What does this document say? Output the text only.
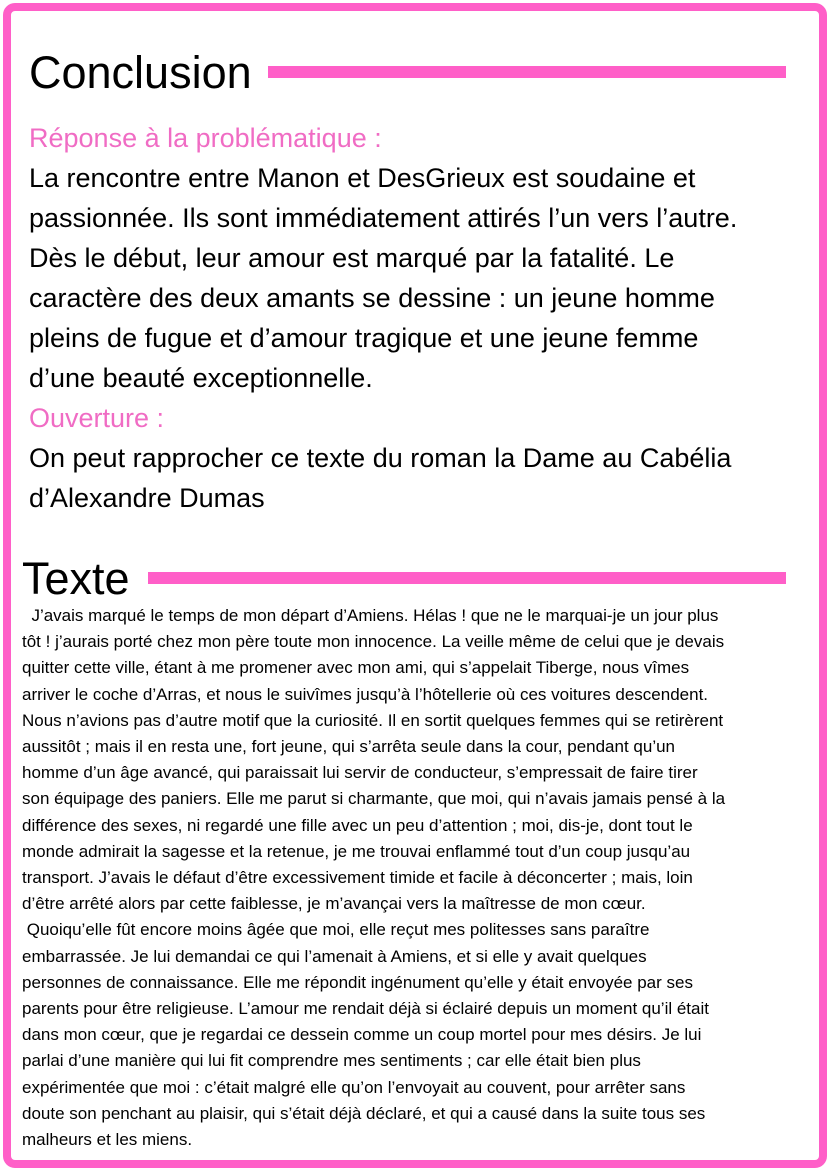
Conclusion
Réponse à la problématique :

La rencontre entre Manon et DesGrieux est soudaine et
passionnée. Ils sont immédiatement attirés l’un vers l’autre.
Dès le début, leur amour est marqué par la fatalité. Le
caractère des deux amants se dessine : un jeune homme
pleins de fugue et d’amour tragique et une jeune femme
d’une beauté exceptionnelle.

Ouverture :

On peut rapprocher ce texte du roman la Dame au Cabélia
d’Alexandre Dumas

Texte
J’avais marqué le temps de mon départ d’Amiens. Hélas ! que ne le marquai-je un jour plus
tôt ! j’aurais porté chez mon père toute mon innocence. La veille même de celui que je devais
quitter cette ville, étant à me promener avec mon ami, qui s’appelait Tiberge, nous vîmes
arriver le coche d’Arras, et nous le suivîmes jusqu’à l’hôtellerie où ces voitures descendent.
Nous n’avions pas d’autre motif que la curiosité. Il en sortit quelques femmes qui se retirèrent
aussitôt ; mais il en resta une, fort jeune, qui s’arrêta seule dans la cour, pendant qu’un
homme d’un âge avancé, qui paraissait lui servir de conducteur, s’empressait de faire tirer
son équipage des paniers. Elle me parut si charmante, que moi, qui n’avais jamais pensé à la
différence des sexes, ni regardé une fille avec un peu d’attention ; moi, dis-je, dont tout le
monde admirait la sagesse et la retenue, je me trouvai enflammé tout d’un coup jusqu’au
transport. J’avais le défaut d’être excessivement timide et facile à déconcerter ; mais, loin
d’être arrêté alors par cette faiblesse, je m’avançai vers la maîtresse de mon cœur.
Quoiqu’elle fût encore moins âgée que moi, elle reçut mes politesses sans paraître
embarrassée. Je lui demandai ce qui l’amenait à Amiens, et si elle y avait quelques
personnes de connaissance. Elle me répondit ingénument qu’elle y était envoyée par ses
parents pour être religieuse. L’amour me rendait déjà si éclairé depuis un moment qu’il était
dans mon cœur, que je regardai ce dessein comme un coup mortel pour mes désirs. Je lui
parlai d’une manière qui lui fit comprendre mes sentiments ; car elle était bien plus
expérimentée que moi : c’était malgré elle qu’on l’envoyait au couvent, pour arrêter sans
doute son penchant au plaisir, qui s’était déjà déclaré, et qui a causé dans la suite tous ses
malheurs et les miens.
